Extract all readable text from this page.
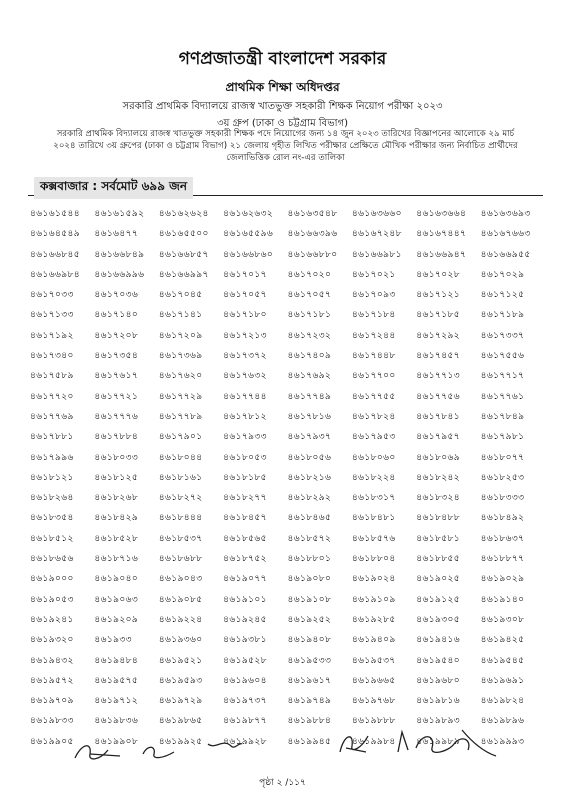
গণপ্রজাতন্ত্রী বাংলাদেশ সরকার
প্রাথমিক শিক্ষা অধিদপ্তর
সরকারি প্রাথমিক বিদ্যালয়ে রাজস্ব খাতভুক্ত সহকারী শিক্ষক নিয়োগ পরীক্ষা ২০২৩
৩য় গ্রুপ (ঢাকা ও চট্টগ্রাম বিভাগ)
সরকারি প্রাথমিক বিদ্যালয়ে রাজস্ব খাতভুক্ত সহকারী শিক্ষক পদে নিয়োগের জন্য ১৪ জুন ২০২৩ তারিখের বিজ্ঞাপনের আলোকে ২৯ মার্চ
২০২৪ তারিখে ৩য় গ্রুপের (ঢাকা ও চট্টগ্রাম বিভাগ) ২১ জেলায় গৃহীত লিখিত পরীক্ষার প্রেক্ষিতে মৌখিক পরীক্ষার জন্য নির্বাচিত প্রার্থীদের
জেলাভিত্তিক রোল নং-এর তালিকা
কক্সবাজার : সর্বমোট ৬৯৯ জন
৪৬১৬১৫৪৪	৪৬১৬১৫৯২	৪৬১৬২৬২৪	৪৬১৬২৬৩২	৪৬১৬৩৫৪৮	৪৬১৬৩৬৬০	৪৬১৬৩৬৬৪	৪৬১৬৩৬৯৩
৪৬১৬৪৫৪৯	৪৬১৬৪৭৭	৪৬১৬৫৫০০	৪৬১৬৫৫৯৬	৪৬১৬৬৩৯৬	৪৬১৬৭২৪৮	৪৬১৬৭৪৪৭	৪৬১৬৭৬৬৩
৪৬১৬৬৮৪৫	৪৬১৬৬৮৪৯	৪৬১৬৬৮৫৭	৪৬১৬৬৮৬০	৪৬১৬৬৮৮০	৪৬১৬৬৯৮১	৪৬১৬৬৯৪৭	৪৬১৬৬৯৫৫
৪৬১৬৬৯৮৪	৪৬১৬৬৯৯৬	৪৬১৬৬৯৯৭	৪৬১৭০১৭	৪৬১৭০২০	৪৬১৭০২১	৪৬১৭০২৮	৪৬১৭০২৯
৪৬১৭০৩৩	৪৬১৭০৩৬	৪৬১৭০৪৫	৪৬১৭০৫৭	৪৬১৭০৫৭	৪৬১৭০৯৩	৪৬১৭১২১	৪৬১৭১২৫
৪৬১৭১৩৩	৪৬১৭১৪০	৪৬১৭১৪১	৪৬১৭১৮০	৪৬১৭১৮১	৪৬১৭১৮৪	৪৬১৭১৮৫	৪৬১৭১৮৯
৪৬১৭১৯২	৪৬১৭২০৮	৪৬১৭২০৯	৪৬১৭২১৩	৪৬১৭২৩২	৪৬১৭২৪৪	৪৬১৭২৯২	৪৬১৭৩৩৭
৪৬১৭৩৪০	৪৬১৭৩৫৪	৪৬১৭৩৬৯	৪৬১৭৩৭২	৪৬১৭৪০৯	৪৬১৭৪৪৮	৪৬১৭৪৫৭	৪৬১৭৫৫৬
৪৬১৭৫৮৯	৪৬১৭৬১৭	৪৬১৭৬২০	৪৬১৭৬৩২	৪৬১৭৬৯২	৪৬১৭৭০০	৪৬১৭৭১৩	৪৬১৭৭১৭
৪৬১৭৭২০	৪৬১৭৭২১	৪৬১৭৭২৯	৪৬১৭৭৪৪	৪৬১৭৭৪৯	৪৬১৭৭৫৫	৪৬১৭৭৫৬	৪৬১৭৭৬১
৪৬১৭৭৬৯	৪৬১৭৭৭৬	৪৬১৭৭৮৯	৪৬১৭৮১২	৪৬১৭৮১৬	৪৬১৭৮২৪	৪৬১৭৮৪১	৪৬১৭৮৪৯
৪৬১৭৮৮১	৪৬১৭৮৮৪	৪৬১৭৯০১	৪৬১৭৯৩৩	৪৬১৭৯৩৭	৪৬১৭৯৫৩	৪৬১৭৯৫৭	৪৬১৭৯৮১
৪৬১৭৯৯৬	৪৬১৮০৩৩	৪৬১৮০৪৪	৪৬১৮০৫৩	৪৬১৮০৫৬	৪৬১৮০৬০	৪৬১৮০৬৯	৪৬১৮০৭৭
৪৬১৮১২১	৪৬১৮১২৫	৪৬১৮১৬১	৪৬১৮১৮৫	৪৬১৮২১৬	৪৬১৮২২৪	৪৬১৮২৪২	৪৬১৮২৫৩
৪৬১৮২৬৪	৪৬১৮২৬৮	৪৬১৮২৭২	৪৬১৮২৭৭	৪৬১৮২৯২	৪৬১৮৩১৭	৪৬১৮৩২৪	৪৬১৮৩৩৩
৪৬১৮৩৫৪	৪৬১৮৪২৯	৪৬১৮৪৪৪	৪৬১৮৪৫৭	৪৬১৮৪৬৫	৪৬১৮৪৮১	৪৬১৮৪৮৮	৪৬১৮৪৯২
৪৬১৮৫১২	৪৬১৮৫২৮	৪৬১৮৫৩৭	৪৬১৮৫৬৫	৪৬১৮৫৭২	৪৬১৮৫৭৬	৪৬১৮৫৮১	৪৬১৮৬৩৭
৪৬১৮৬৫৬	৪৬১৮৭১৬	৪৬১৮৬৮৮	৪৬১৮৭৫২	৪৬১৮৮০১	৪৬১৮৮০৪	৪৬১৮৮৫৫	৪৬১৮৮৭৭
৪৬১৯০০০	৪৬১৯০৪০	৪৬১৯০৪৩	৪৬১৯০৭৭	৪৬১৯০৮০	৪৬১৯০২৪	৪৬১৯০২৫	৪৬১৯০২৯
৪৬১৯০৫৩	৪৬১৯০৬৩	৪৬১৯০৮৫	৪৬১৯১০১	৪৬১৯১০৮	৪৬১৯১০৯	৪৬১৯১২৫	৪৬১৯১৪০
৪৬১৯২৪১	৪৬১৯২০৯	৪৬১৯২২৪	৪৬১৯২৪৫	৪৬১৯২৫২	৪৬১৯২৮৫	৪৬১৯৩০৫	৪৬১৯৩০৮
৪৬১৯৩২০	৪৬১৯৩৩	৪৬১৯৩৬০	৪৬১৯৩৮১	৪৬১৯৪০৮	৪৬১৯৪০৯	৪৬১৯৪১৬	৪৬১৯৪২৫
৪৬১৯৪৩২	৪৬১৯৪৮৪	৪৬১৯৫২১	৪৬১৯৫২৮	৪৬১৯৫৩৩	৪৬১৯৫৩৭	৪৬১৯৫৪০	৪৬১৯৫৪৫
৪৬১৯৫৭২	৪৬১৯৫৭৫	৪৬১৯৫৯৩	৪৬১৯৬০৪	৪৬১৯৬১৭	৪৬১৯৬৬৫	৪৬১৯৬৮০	৪৬১৯৬৯১
৪৬১৯৭০৯	৪৬১৯৭১২	৪৬১৯৭২৯	৪৬১৯৭৩৭	৪৬১৯৭৪৯	৪৬১৯৭৬৮	৪৬১৯৮১৬	৪৬১৯৮২৪
৪৬১৯৮৩৩	৪৬১৯৮৩৬	৪৬১৯৮৬৫	৪৬১৯৮৭৭	৪৬১৯৮৮৪	৪৬১৯৮৮৮	৪৬১৯৮৯৩	৪৬১৯৮৯৬
৪৬১৯৯০৫	৪৬১৯৯০৮	৪৬১৯৯২৫	৪৬১৯৯২৮	৪৬১৯৯৪৫	৪৬১৯৯৮৪	৪৬১৯৯৮৯	৪৬১৯৯৯৩
পৃষ্ঠা ২ /১১৭
